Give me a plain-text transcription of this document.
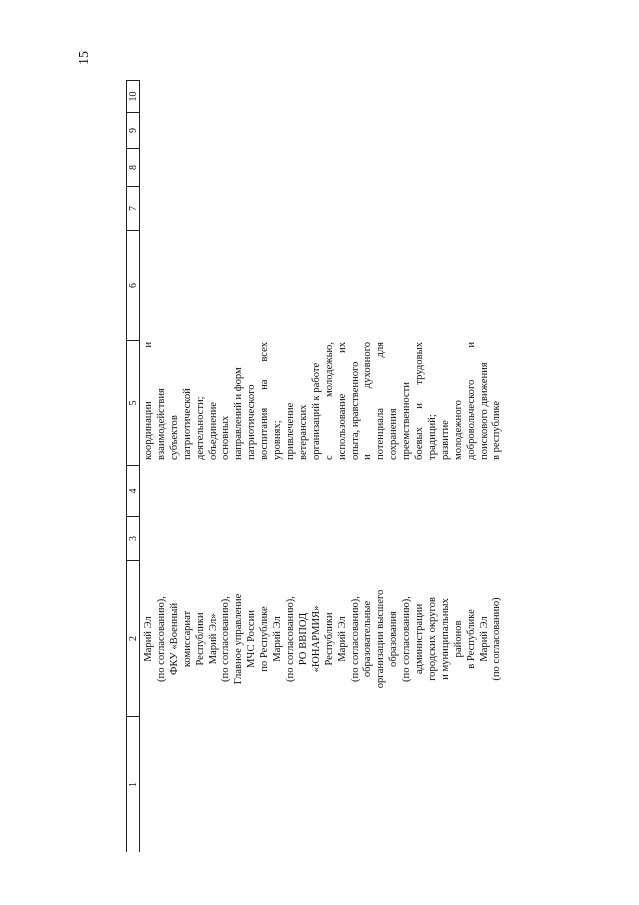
15
1
2
3
4
5
6
7
8
9
10
Марий Эл (по согласованию), ФКУ «Военный комиссариат Республики Марий Эл» (по согласованию), Главное управление МЧС России по Республике Марий Эл (по согласованию), РО ВВПОД «ЮНАРМИЯ» Республики Марий Эл (по согласованию), образовательные организации высшего образования (по согласованию), администрации городских округов и муниципальных районов в Республике Марий Эл (по согласованию)
координации и взаимодействия субъектов патриотической деятельности; объединение основных направлений и форм патриотического воспитания на всех уровнях; привлечение ветеранских организаций к работе с молодежью, использование их опыта, нравственного и духовного потенциала для сохранения преемственности боевых и трудовых традиций; развитие молодежного добровольческого и поискового движения в республике
